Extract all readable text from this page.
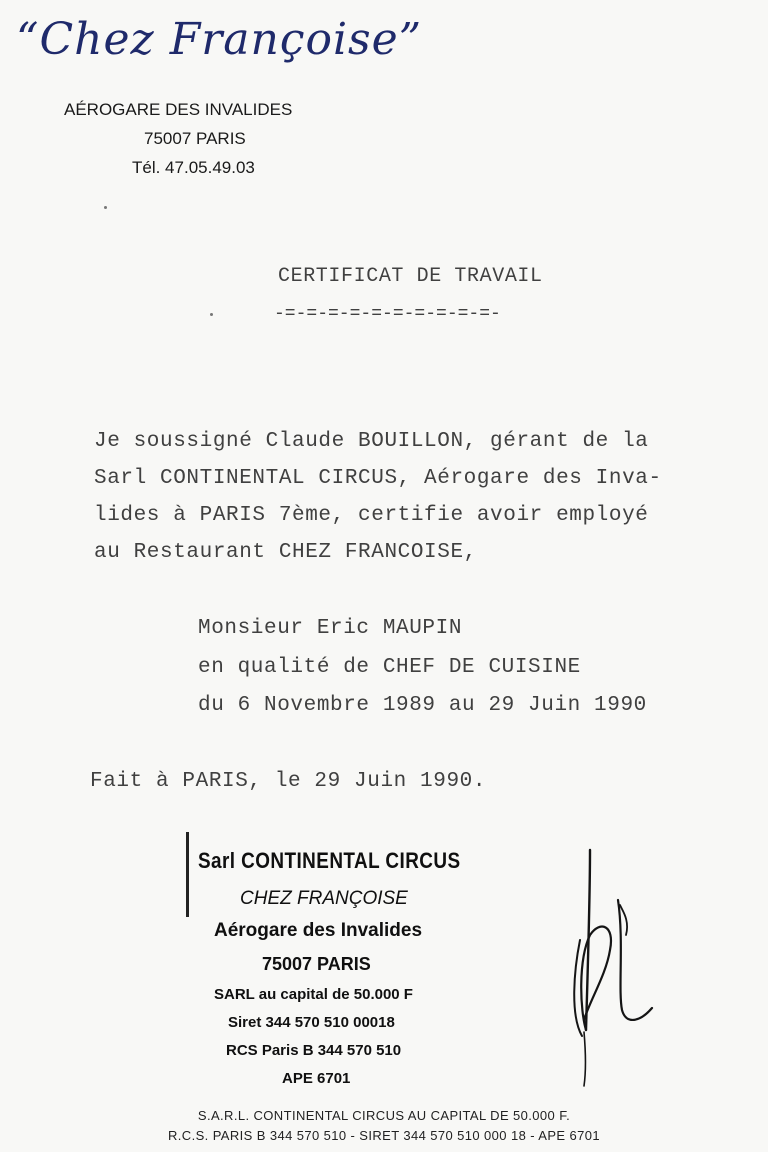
“Chez Françoise”
AÉROGARE DES INVALIDES
75007 PARIS
Tél. 47.05.49.03
CERTIFICAT DE TRAVAIL
-=-=-=-=-=-=-=-=-=-=-
Je soussigné Claude BOUILLON, gérant de la
Sarl CONTINENTAL CIRCUS, Aérogare des Inva-
lides à PARIS 7ème, certifie avoir employé
au Restaurant CHEZ FRANCOISE,
Monsieur Eric MAUPIN
en qualité de CHEF DE CUISINE
du 6 Novembre 1989 au 29 Juin 1990
Fait à PARIS, le 29 Juin 1990.
Sarl CONTINENTAL CIRCUS
CHEZ FRANÇOISE
Aérogare des Invalides
75007 PARIS
SARL au capital de 50.000 F
Siret 344 570 510 00018
RCS Paris B 344 570 510
APE 6701
S.A.R.L. CONTINENTAL CIRCUS AU CAPITAL DE 50.000 F.
R.C.S. PARIS B 344 570 510 - SIRET 344 570 510 000 18 - APE 6701
